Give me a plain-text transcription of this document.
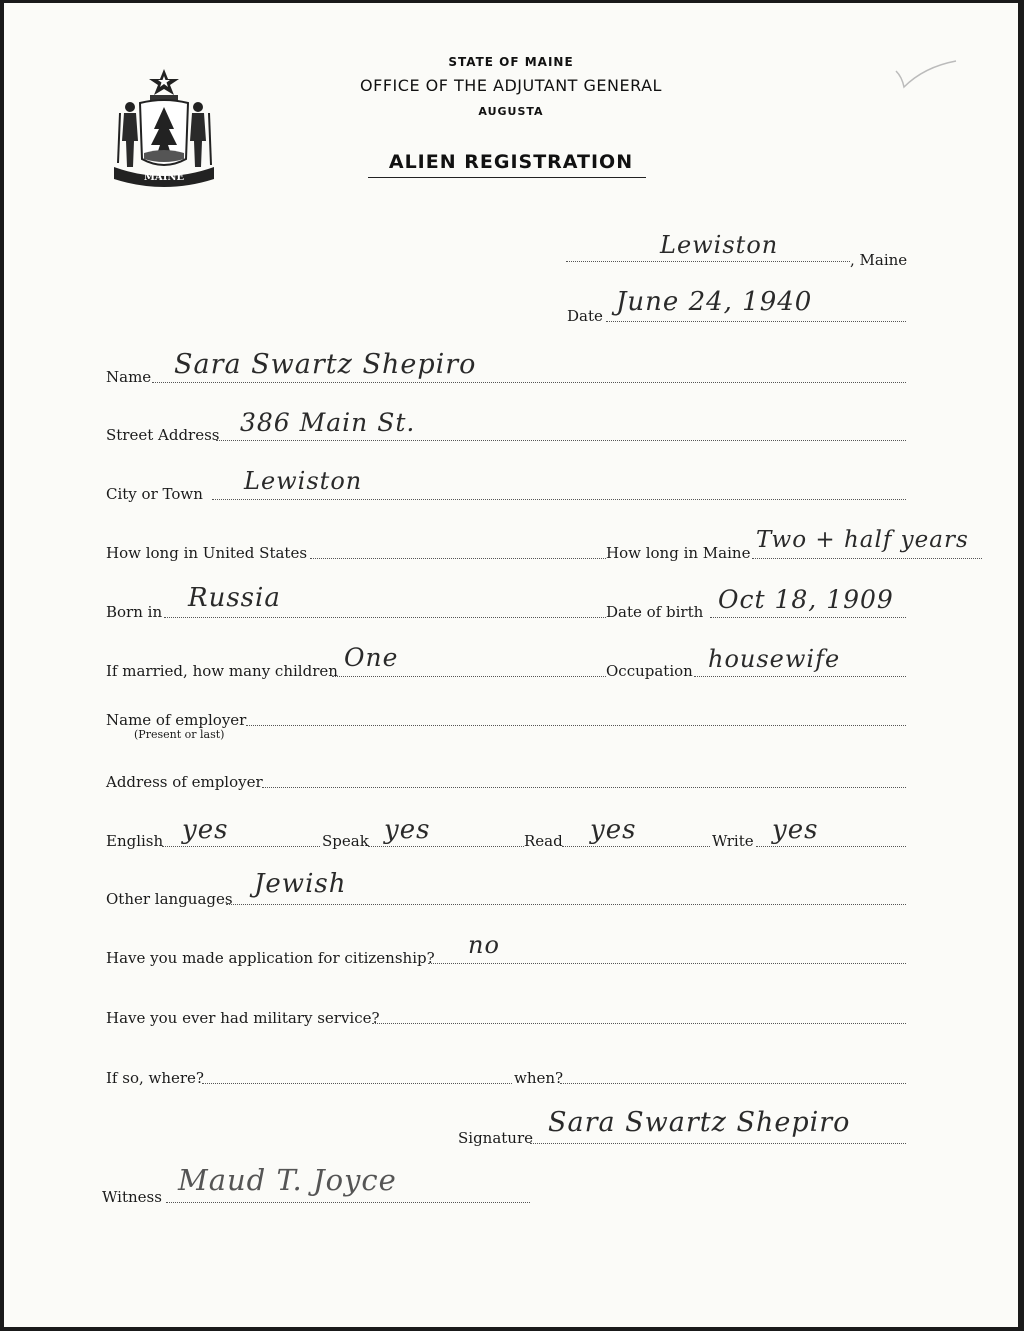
MAINE
STATE OF MAINE
OFFICE OF THE ADJUTANT GENERAL
AUGUSTA
ALIEN REGISTRATION
Lewiston
, Maine
Date June 24, 1940
Name Sara Swartz Shepiro
Street Address 386 Main St.
City or Town Lewiston
How long in United States	How long in Maine Two + half years
Born in Russia	Date of birth Oct 18, 1909
If married, how many children One	Occupation housewife
Name of employer
(Present or last)
Address of employer
English yes	Speak yes	Read yes	Write yes
Other languages Jewish
Have you made application for citizenship? no
Have you ever had military service?
If so, where?	when?
Signature Sara Swartz Shepiro
Witness Maud T. Joyce
